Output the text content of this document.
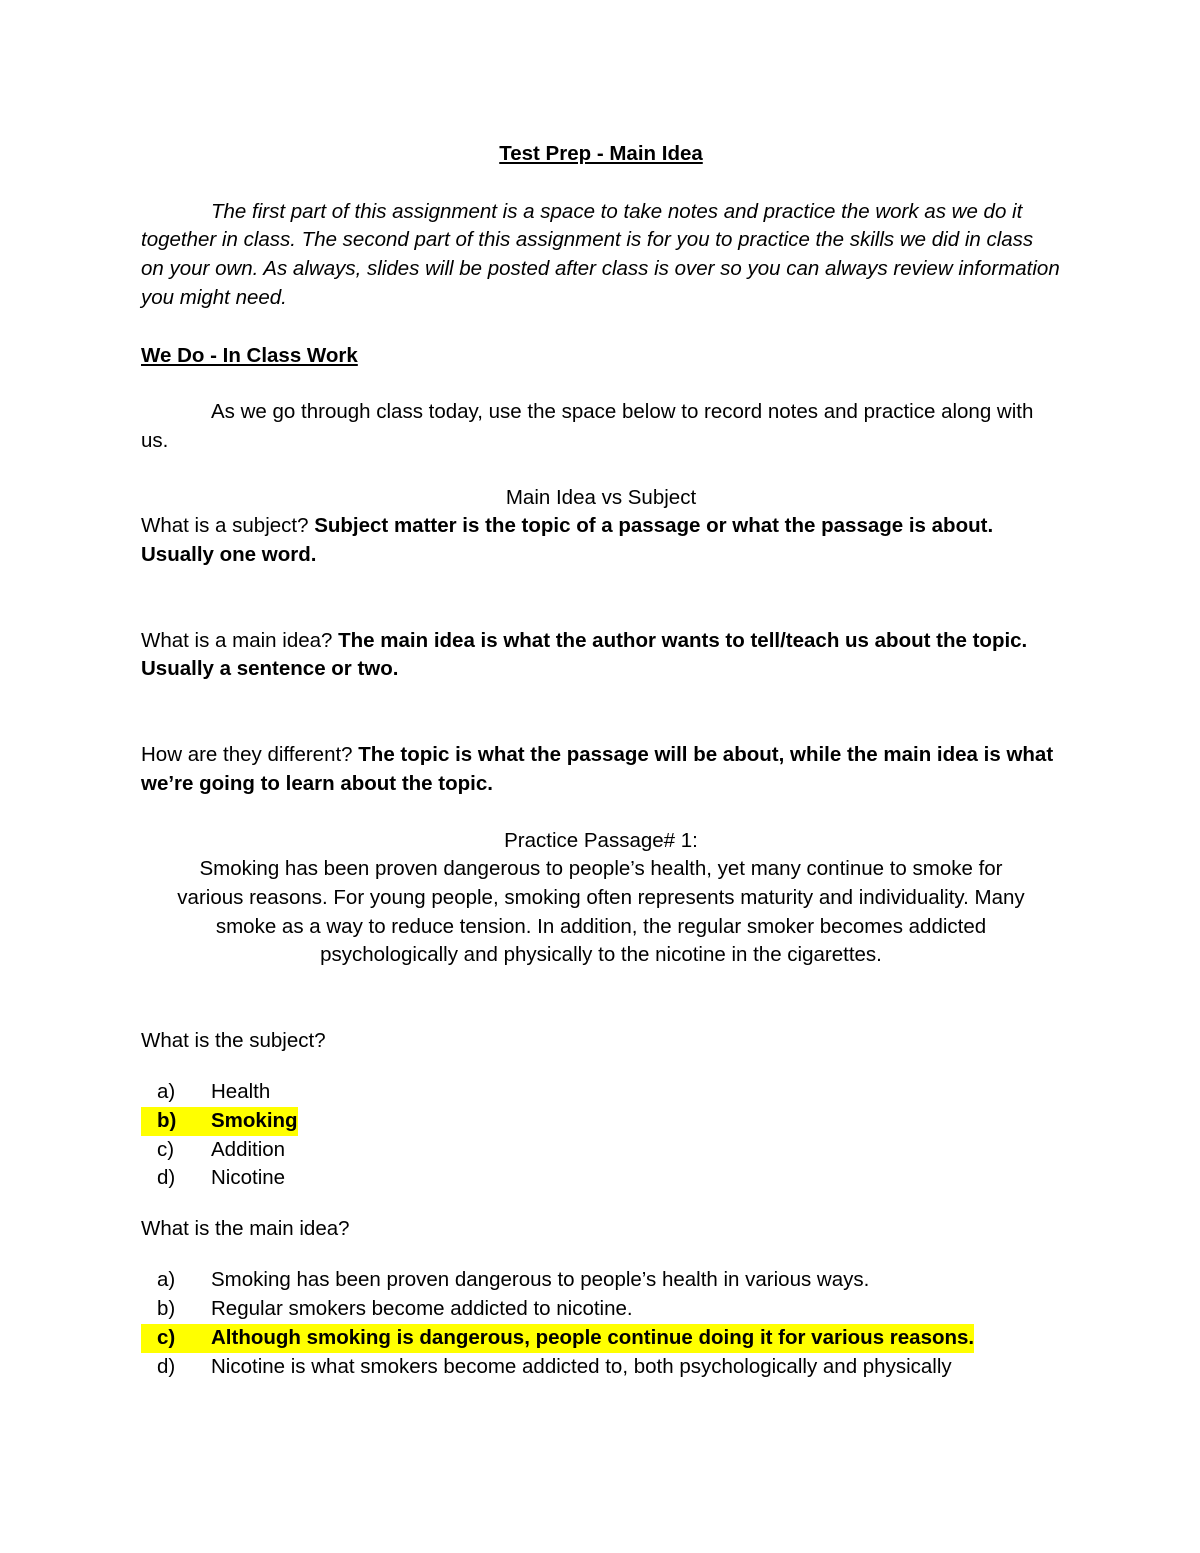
Test Prep - Main Idea

The first part of this assignment is a space to take notes and practice the work as we do it together in class. The second part of this assignment is for you to practice the skills we did in class on your own. As always, slides will be posted after class is over so you can always review information you might need.

We Do - In Class Work

As we go through class today, use the space below to record notes and practice along with us.

Main Idea vs Subject

What is a subject? Subject matter is the topic of a passage or what the passage is about. Usually one word.

What is a main idea? The main idea is what the author wants to tell/teach us about the topic. Usually a sentence or two.

How are they different? The topic is what the passage will be about, while the main idea is what we’re going to learn about the topic.

Practice Passage# 1:

Smoking has been proven dangerous to people’s health, yet many continue to smoke for

various reasons. For young people, smoking often represents maturity and individuality. Many

smoke as a way to reduce tension. In addition, the regular smoker becomes addicted

psychologically and physically to the nicotine in the cigarettes.

What is the subject?

a)	Health
b)	Smoking
c)	Addition
d)	Nicotine

What is the main idea?

a)	Smoking has been proven dangerous to people’s health in various ways.
b)	Regular smokers become addicted to nicotine.
c)	Although smoking is dangerous, people continue doing it for various reasons.
d)	Nicotine is what smokers become addicted to, both psychologically and physically
